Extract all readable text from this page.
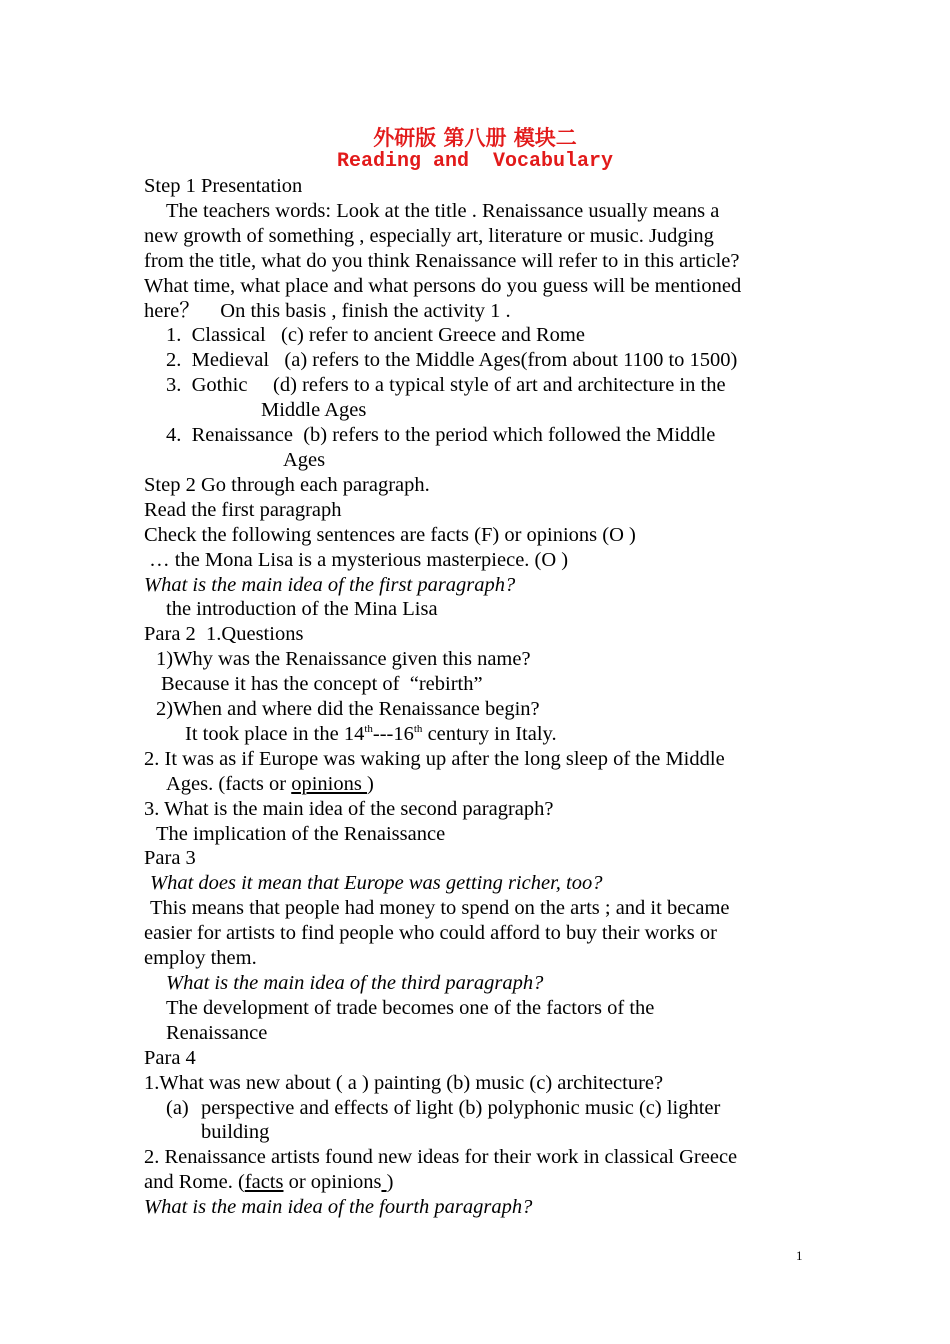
外研版 第八册 模块二
Reading and  Vocabulary

Step 1 Presentation

The teachers words: Look at the title . Renaissance usually means a

new growth of something , especially art, literature or music. Judging

from the title, what do you think Renaissance will refer to in this article?

What time, what place and what persons do you guess will be mentioned

here？    On this basis , finish the activity 1 .

1.  Classical   (c) refer to ancient Greece and Rome

2.  Medieval   (a) refers to the Middle Ages(from about 1100 to 1500)

3.  Gothic     (d) refers to a typical style of art and architecture in the

Middle Ages

4.  Renaissance  (b) refers to the period which followed the Middle

Ages

Step 2 Go through each paragraph.

Read the first paragraph

Check the following sentences are facts (F) or opinions (O )

… the Mona Lisa is a mysterious masterpiece. (O )

What is the main idea of the first paragraph?

the introduction of the Mina Lisa

Para 2  1.Questions

1)Why was the Renaissance given this name?

Because it has the concept of  “rebirth”

2)When and where did the Renaissance begin?

It took place in the 14th---16th century in Italy.

2. It was as if Europe was waking up after the long sleep of the Middle

Ages. (facts or opinions )

3. What is the main idea of the second paragraph?

The implication of the Renaissance

Para 3

What does it mean that Europe was getting richer, too?

This means that people had money to spend on the arts ; and it became

easier for artists to find people who could afford to buy their works or

employ them.

What is the main idea of the third paragraph?

The development of trade becomes one of the factors of the

Renaissance

Para 4

1.What was new about ( a ) painting (b) music (c) architecture?

(a) perspective and effects of light (b) polyphonic music (c) lighter

building

2. Renaissance artists found new ideas for their work in classical Greece

and Rome. (facts or opinions )

What is the main idea of the fourth paragraph?

1
